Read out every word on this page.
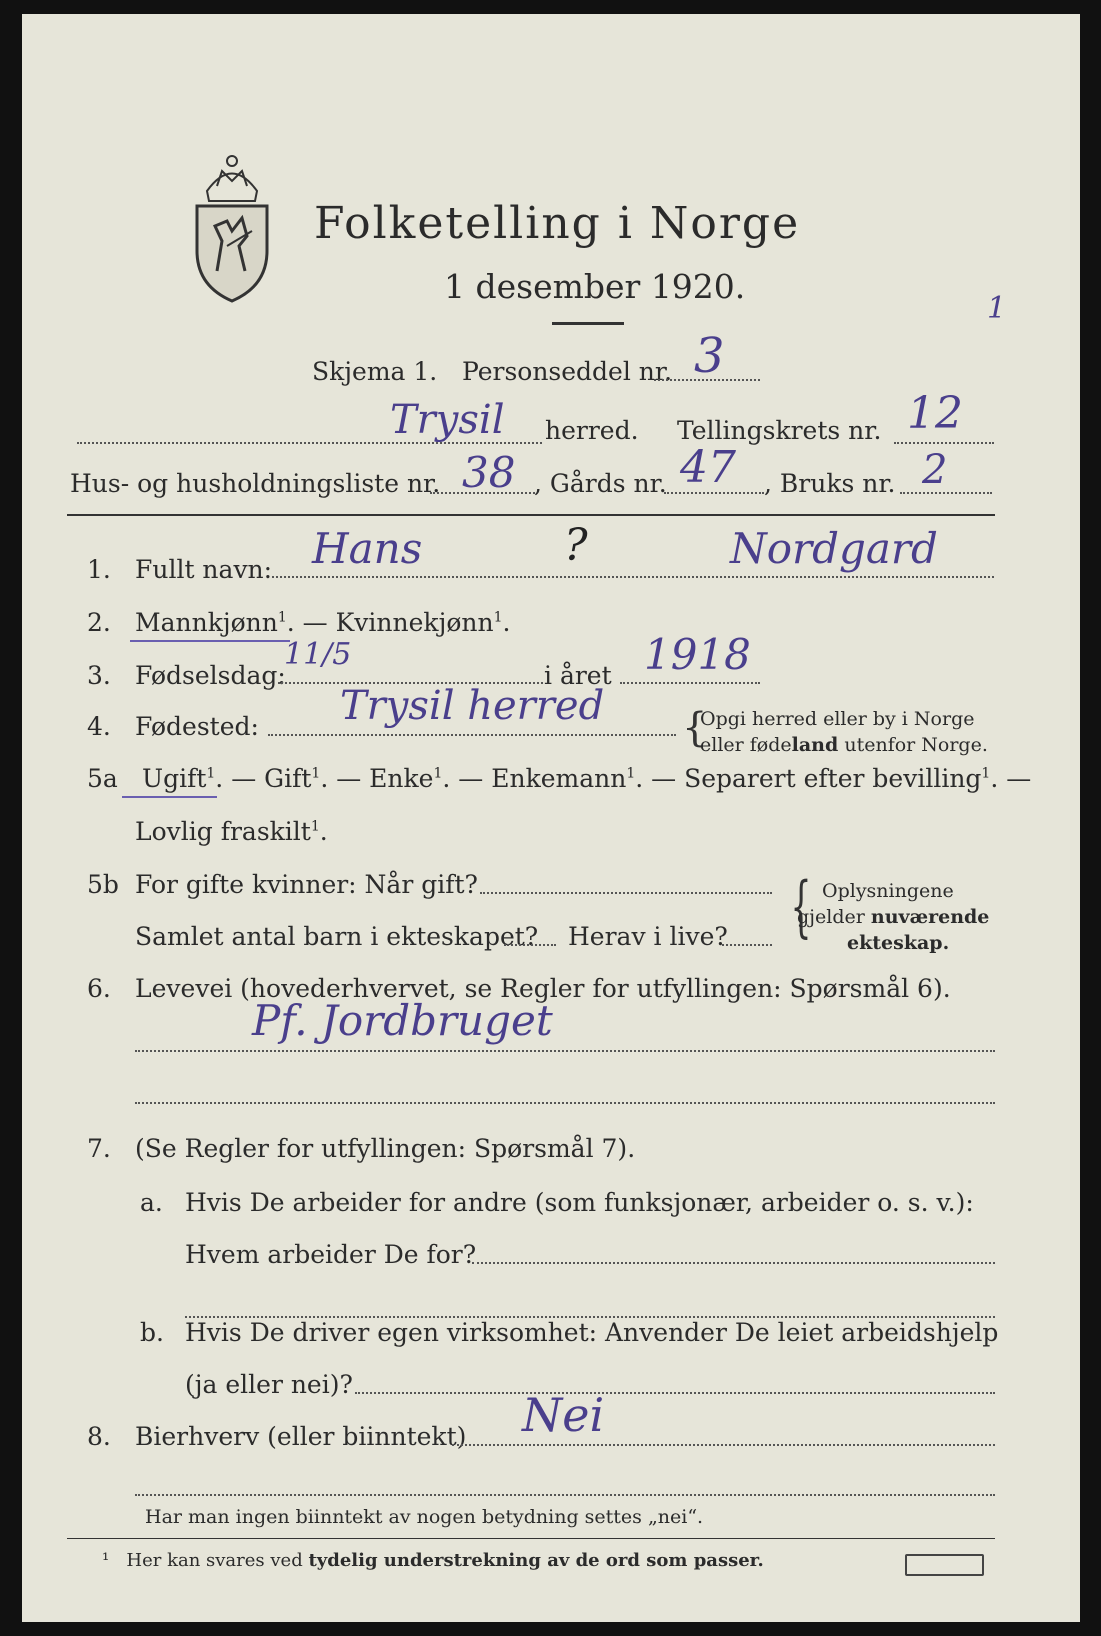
Folketelling i Norge
1 desember 1920.
Skjema 1. Personseddel nr. 3
Trysil herred. Tellingskrets nr. 12
Hus- og husholdningsliste nr. 38 , Gårds nr. 47 , Bruks nr. 2
1. Fullt navn: Hans	?	Nordgard
2. Mannkjønn$^1$. — Kvinnekjønn$^1$.
3. Fødselsdag:
11/5
i året 1918
4. Fødested: Trysil herred {
Opgi herred eller by i Norge
eller fødeland utenfor Norge.
5a Ugift$^1$. — Gift$^1$. — Enke$^1$. — Enkemann$^1$. — Separert efter bevilling$^1$. —
Lovlig fraskilt$^1$.
5b For gifte kvinner: Når gift?
Samlet antal barn i ekteskapet? Herav i live? { Oplysningene
gjelder nuværende
ekteskap.
6. Levevei (hovederhvervet, se Regler for utfyllingen: Spørsmål 6).
Pf. Jordbruget
7. (Se Regler for utfyllingen: Spørsmål 7).
a. Hvis De arbeider for andre (som funksjonær, arbeider o. s. v.):
Hvem arbeider De for?
b. Hvis De driver egen virksomhet: Anvender De leiet arbeidshjelp
(ja eller nei)?
8. Bierhverv (eller biinntekt) Nei
Har man ingen biinntekt av nogen betydning settes „nei“.
¹ Her kan svares ved tydelig understrekning av de ord som passer.
1
